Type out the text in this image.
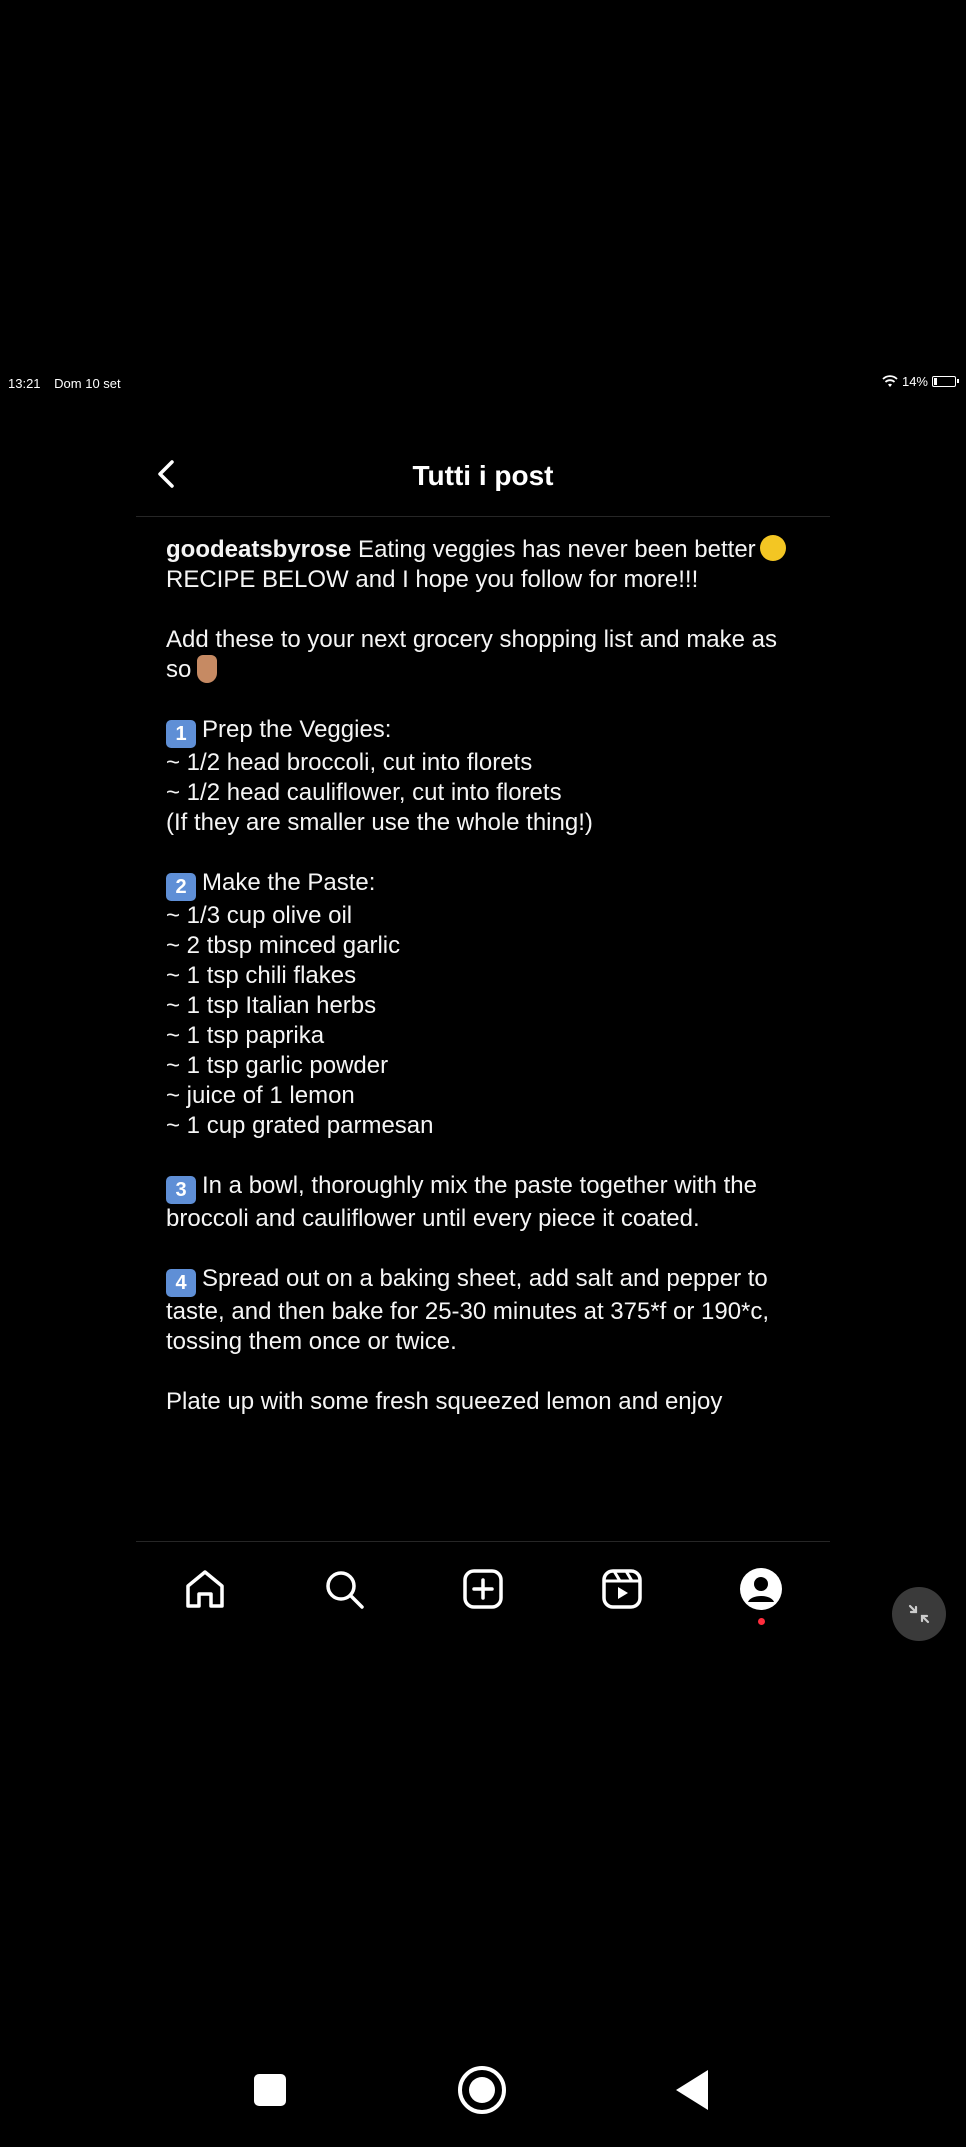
13:21 Dom 10 set	14%
Tutti i post
goodeatsbyrose Eating veggies has never been better RECIPE BELOW and I hope you follow for more!!!
Add these to your next grocery shopping list and make as so
1 Prep the Veggies:
~ 1/2 head broccoli, cut into florets
~ 1/2 head cauliflower, cut into florets
(If they are smaller use the whole thing!)
2 Make the Paste:
~ 1/3 cup olive oil
~ 2 tbsp minced garlic
~ 1 tsp chili flakes
~ 1 tsp Italian herbs
~ 1 tsp paprika
~ 1 tsp garlic powder
~ juice of 1 lemon
~ 1 cup grated parmesan
3 In a bowl, thoroughly mix the paste together with the broccoli and cauliflower until every piece it coated.
4 Spread out on a baking sheet, add salt and pepper to taste, and then bake for 25-30 minutes at 375*f or 190*c, tossing them once or twice.
Plate up with some fresh squeezed lemon and enjoy
